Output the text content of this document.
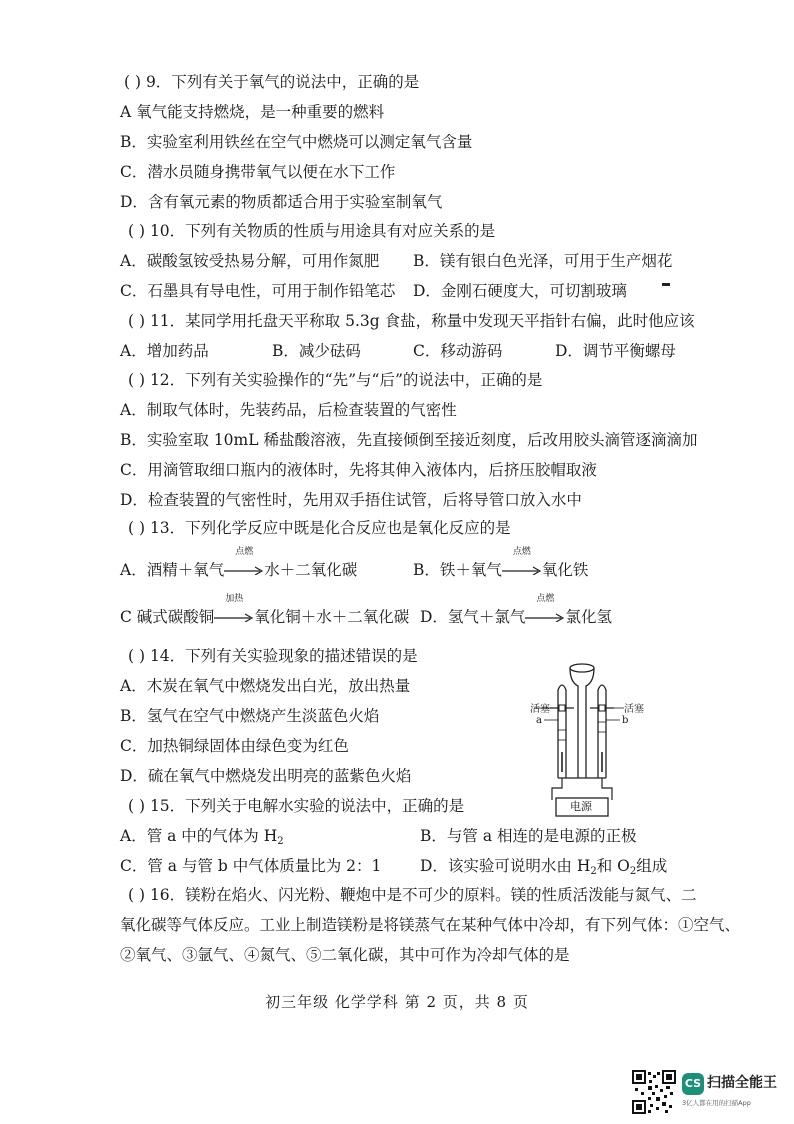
( ) 9．下列有关于氧气的说法中，正确的是
A 氧气能支持燃烧，是一种重要的燃料
B．实验室利用铁丝在空气中燃烧可以测定氧气含量
C．潜水员随身携带氧气以便在水下工作
D．含有氧元素的物质都适合用于实验室制氧气
( ) 10．下列有关物质的性质与用途具有对应关系的是
A．碳酸氢铵受热易分解，可用作氮肥 B．镁有银白色光泽，可用于生产烟花
C．石墨具有导电性，可用于制作铅笔芯 D．金刚石硬度大，可切割玻璃
( ) 11．某同学用托盘天平称取 5.3g 食盐，称量中发现天平指针右偏，此时他应该
A．增加药品	B．减少砝码	C．移动游码	D．调节平衡螺母
( ) 12．下列有关实验操作的“先”与“后”的说法中，正确的是
A．制取气体时，先装药品，后检查装置的气密性
B．实验室取 10mL 稀盐酸溶液，先直接倾倒至接近刻度，后改用胶头滴管逐滴滴加
C．用滴管取细口瓶内的液体时，先将其伸入液体内，后挤压胶帽取液
D．检查装置的气密性时，先用双手捂住试管，后将导管口放入水中
( ) 13．下列化学反应中既是化合反应也是氧化反应的是
A．酒精＋氧气
点燃
水＋二氧化碳	B．铁＋氧气
点燃
氧化铁
C 碱式碳酸铜
加热
氧化铜＋水＋二氧化碳 D．氢气＋氯气
点燃
氯化氢
( ) 14．下列有关实验现象的描述错误的是
A．木炭在氧气中燃烧发出白光，放出热量
B．氢气在空气中燃烧产生淡蓝色火焰
C．加热铜绿固体由绿色变为红色
D．硫在氧气中燃烧发出明亮的蓝紫色火焰
活塞	活塞
a	b
电源
( ) 15．下列关于电解水实验的说法中，正确的是
A．管 a 中的气体为 $H_2$	B．与管 a 相连的是电源的正极
C．管 a 与管 b 中气体质量比为 2：1 D．该实验可说明水由 $H_2$和 $O_2$组成
( ) 16．镁粉在焰火、闪光粉、鞭炮中是不可少的原料。镁的性质活泼能与氮气、二
氧化碳等气体反应。工业上制造镁粉是将镁蒸气在某种气体中冷却，有下列气体：①空气、
②氧气、③氩气、④氮气、⑤二氧化碳，其中可作为冷却气体的是
初三年级 化学学科 第 2 页，共 8 页
CS 扫描全能王
3亿人都在用的扫描App
